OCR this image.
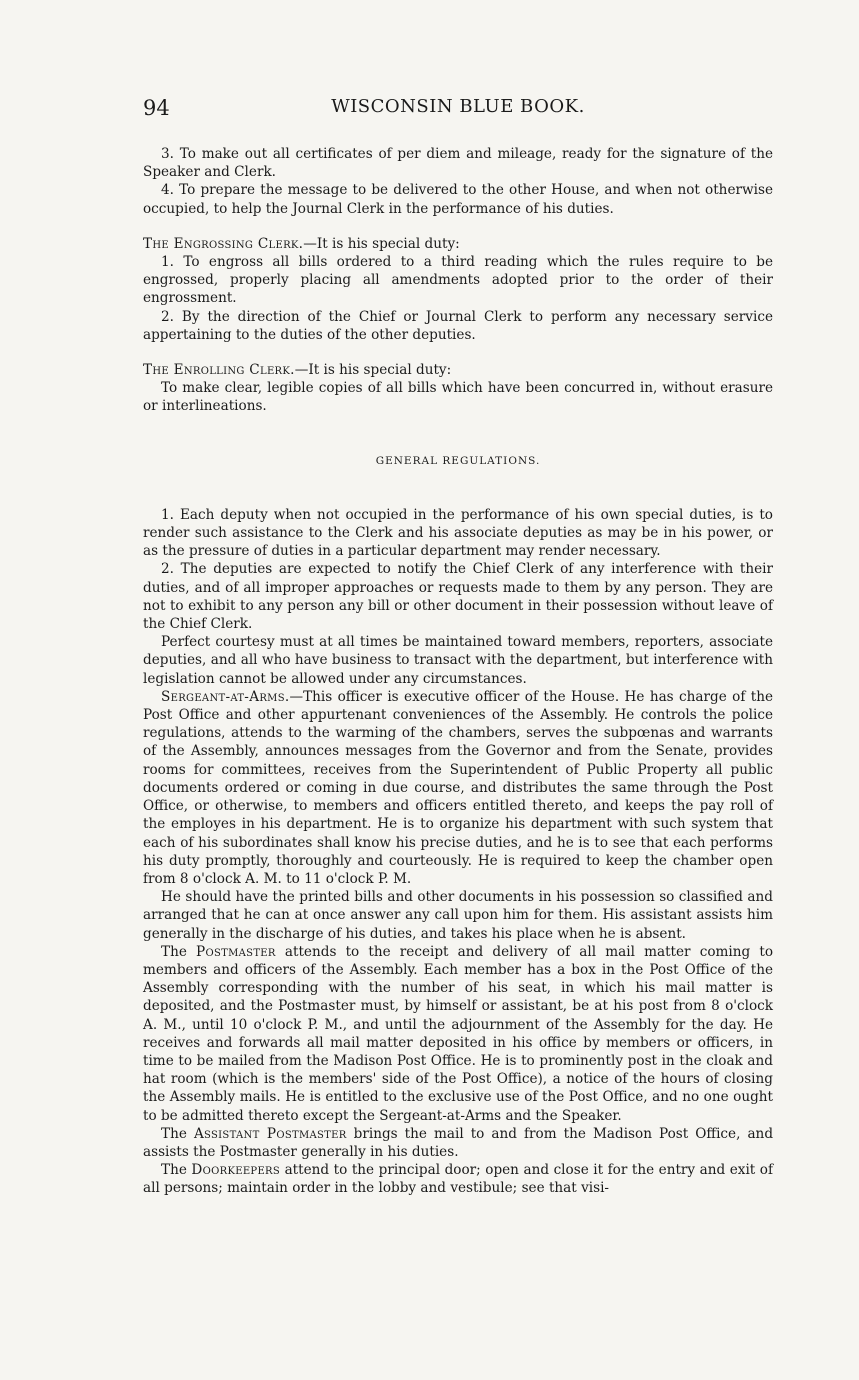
94	WISCONSIN BLUE BOOK.

3. To make out all certificates of per diem and mileage, ready for the signature of the Speaker and Clerk.

4. To prepare the message to be delivered to the other House, and when not otherwise occupied, to help the Journal Clerk in the performance of his duties.

The Engrossing Clerk.—It is his special duty:

1. To engross all bills ordered to a third reading which the rules require to be engrossed, properly placing all amendments adopted prior to the order of their engrossment.

2. By the direction of the Chief or Journal Clerk to perform any necessary service appertaining to the duties of the other deputies.

The Enrolling Clerk.—It is his special duty:

To make clear, legible copies of all bills which have been concurred in, without erasure or interlineations.

GENERAL REGULATIONS.

1. Each deputy when not occupied in the performance of his own special duties, is to render such assistance to the Clerk and his associate deputies as may be in his power, or as the pressure of duties in a particular department may render necessary.

2. The deputies are expected to notify the Chief Clerk of any interference with their duties, and of all improper approaches or requests made to them by any person. They are not to exhibit to any person any bill or other document in their possession without leave of the Chief Clerk.

Perfect courtesy must at all times be maintained toward members, reporters, associate deputies, and all who have business to transact with the department, but interference with legislation cannot be allowed under any circumstances.

Sergeant-at-Arms.—This officer is executive officer of the House. He has charge of the Post Office and other appurtenant conveniences of the Assembly. He controls the police regulations, attends to the warming of the chambers, serves the subpœnas and warrants of the Assembly, announces messages from the Governor and from the Senate, provides rooms for committees, receives from the Superintendent of Public Property all public documents ordered or coming in due course, and distributes the same through the Post Office, or otherwise, to members and officers entitled thereto, and keeps the pay roll of the employes in his department. He is to organize his department with such system that each of his subordinates shall know his precise duties, and he is to see that each performs his duty promptly, thoroughly and courteously. He is required to keep the chamber open from 8 o'clock A. M. to 11 o'clock P. M.

He should have the printed bills and other documents in his possession so classified and arranged that he can at once answer any call upon him for them. His assistant assists him generally in the discharge of his duties, and takes his place when he is absent.

The Postmaster attends to the receipt and delivery of all mail matter coming to members and officers of the Assembly. Each member has a box in the Post Office of the Assembly corresponding with the number of his seat, in which his mail matter is deposited, and the Postmaster must, by himself or assistant, be at his post from 8 o'clock A. M., until 10 o'clock P. M., and until the adjournment of the Assembly for the day. He receives and forwards all mail matter deposited in his office by members or officers, in time to be mailed from the Madison Post Office. He is to prominently post in the cloak and hat room (which is the members' side of the Post Office), a notice of the hours of closing the Assembly mails. He is entitled to the exclusive use of the Post Office, and no one ought to be admitted thereto except the Sergeant-at-Arms and the Speaker.

The Assistant Postmaster brings the mail to and from the Madison Post Office, and assists the Postmaster generally in his duties.

The Doorkeepers attend to the principal door; open and close it for the entry and exit of all persons; maintain order in the lobby and vestibule; see that visi-
